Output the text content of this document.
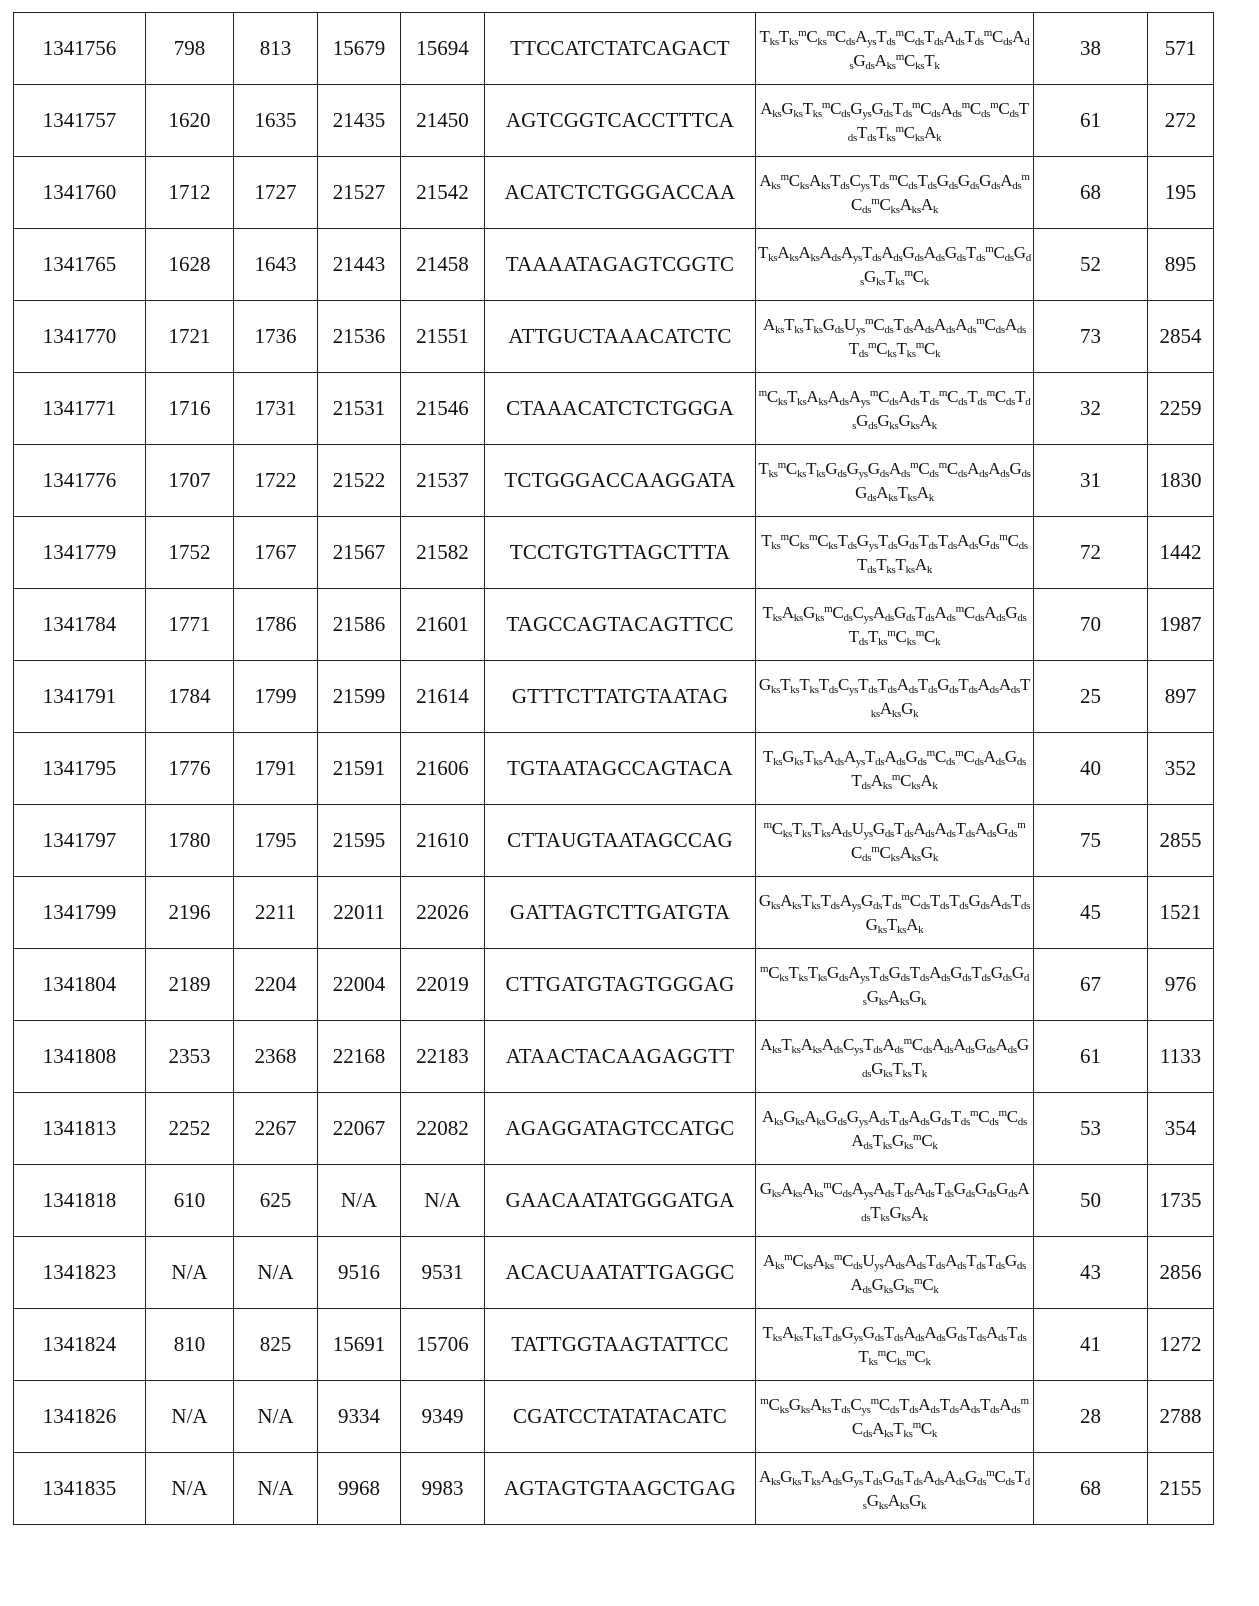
1341756	798	813	15679	15694	TTCCATCTATCAGACT	$T_{ks}T_{ks}^mC_{ks}^mC_{ds}A_{ys}T_{ds}^mC_{ds}T_{ds}A_{ds}T_{ds}^mC_{ds}A_{ds}G_{ds}A_{ks}^mC_{ks}T_k$	38	571
1341757	1620	1635	21435	21450	AGTCGGTCACCTTTCA	$A_{ks}G_{ks}T_{ks}^mC_{ds}G_{ys}G_{ds}T_{ds}^mC_{ds}A_{ds}^mC_{ds}^mC_{ds}T_{ds}T_{ds}T_{ks}^mC_{ks}A_k$	61	272
1341760	1712	1727	21527	21542	ACATCTCTGGGACCAA	$A_{ks}^mC_{ks}A_{ks}T_{ds}C_{ys}T_{ds}^mC_{ds}T_{ds}G_{ds}G_{ds}G_{ds}A_{ds}^mC_{ds}^mC_{ks}A_{ks}A_k$	68	195
1341765	1628	1643	21443	21458	TAAAATAGAGTCGGTC	$T_{ks}A_{ks}A_{ks}A_{ds}A_{ys}T_{ds}A_{ds}G_{ds}A_{ds}G_{ds}T_{ds}^mC_{ds}G_{ds}G_{ks}T_{ks}^mC_k$	52	895
1341770	1721	1736	21536	21551	ATTGUCTAAACATCTC	$A_{ks}T_{ks}T_{ks}G_{ds}U_{ys}^mC_{ds}T_{ds}A_{ds}A_{ds}A_{ds}^mC_{ds}A_{ds}T_{ds}^mC_{ks}T_{ks}^mC_k$	73	2854
1341771	1716	1731	21531	21546	CTAAACATCTCTGGGA	$^mC_{ks}T_{ks}A_{ks}A_{ds}A_{ys}^mC_{ds}A_{ds}T_{ds}^mC_{ds}T_{ds}^mC_{ds}T_{ds}G_{ds}G_{ks}G_{ks}A_k$	32	2259
1341776	1707	1722	21522	21537	TCTGGGACCAAGGATA	$T_{ks}^mC_{ks}T_{ks}G_{ds}G_{ys}G_{ds}A_{ds}^mC_{ds}^mC_{ds}A_{ds}A_{ds}G_{ds}G_{ds}A_{ks}T_{ks}A_k$	31	1830
1341779	1752	1767	21567	21582	TCCTGTGTTAGCTTTA	$T_{ks}^mC_{ks}^mC_{ks}T_{ds}G_{ys}T_{ds}G_{ds}T_{ds}T_{ds}A_{ds}G_{ds}^mC_{ds}T_{ds}T_{ks}T_{ks}A_k$	72	1442
1341784	1771	1786	21586	21601	TAGCCAGTACAGTTCC	$T_{ks}A_{ks}G_{ks}^mC_{ds}C_{ys}A_{ds}G_{ds}T_{ds}A_{ds}^mC_{ds}A_{ds}G_{ds}T_{ds}T_{ks}^mC_{ks}^mC_k$	70	1987
1341791	1784	1799	21599	21614	GTTTCTTATGTAATAG	$G_{ks}T_{ks}T_{ks}T_{ds}C_{ys}T_{ds}T_{ds}A_{ds}T_{ds}G_{ds}T_{ds}A_{ds}A_{ds}T_{ks}A_{ks}G_k$	25	897
1341795	1776	1791	21591	21606	TGTAATAGCCAGTACA	$T_{ks}G_{ks}T_{ks}A_{ds}A_{ys}T_{ds}A_{ds}G_{ds}^mC_{ds}^mC_{ds}A_{ds}G_{ds}T_{ds}A_{ks}^mC_{ks}A_k$	40	352
1341797	1780	1795	21595	21610	CTTAUGTAATAGCCAG	$^mC_{ks}T_{ks}T_{ks}A_{ds}U_{ys}G_{ds}T_{ds}A_{ds}A_{ds}T_{ds}A_{ds}G_{ds}^mC_{ds}^mC_{ks}A_{ks}G_k$	75	2855
1341799	2196	2211	22011	22026	GATTAGTCTTGATGTA	$G_{ks}A_{ks}T_{ks}T_{ds}A_{ys}G_{ds}T_{ds}^mC_{ds}T_{ds}T_{ds}G_{ds}A_{ds}T_{ds}G_{ks}T_{ks}A_k$	45	1521
1341804	2189	2204	22004	22019	CTTGATGTAGTGGGAG	$^mC_{ks}T_{ks}T_{ks}G_{ds}A_{ys}T_{ds}G_{ds}T_{ds}A_{ds}G_{ds}T_{ds}G_{ds}G_{ds}G_{ks}A_{ks}G_k$	67	976
1341808	2353	2368	22168	22183	ATAACTACAAGAGGTT	$A_{ks}T_{ks}A_{ks}A_{ds}C_{ys}T_{ds}A_{ds}^mC_{ds}A_{ds}A_{ds}G_{ds}A_{ds}G_{ds}G_{ks}T_{ks}T_k$	61	1133
1341813	2252	2267	22067	22082	AGAGGATAGTCCATGC	$A_{ks}G_{ks}A_{ks}G_{ds}G_{ys}A_{ds}T_{ds}A_{ds}G_{ds}T_{ds}^mC_{ds}^mC_{ds}A_{ds}T_{ks}G_{ks}^mC_k$	53	354
1341818	610	625	N/A	N/A	GAACAATATGGGATGA	$G_{ks}A_{ks}A_{ks}^mC_{ds}A_{ys}A_{ds}T_{ds}A_{ds}T_{ds}G_{ds}G_{ds}G_{ds}A_{ds}T_{ks}G_{ks}A_k$	50	1735
1341823	N/A	N/A	9516	9531	ACACUAATATTGAGGC	$A_{ks}^mC_{ks}A_{ks}^mC_{ds}U_{ys}A_{ds}A_{ds}T_{ds}A_{ds}T_{ds}T_{ds}G_{ds}A_{ds}G_{ks}G_{ks}^mC_k$	43	2856
1341824	810	825	15691	15706	TATTGGTAAGTATTCC	$T_{ks}A_{ks}T_{ks}T_{ds}G_{ys}G_{ds}T_{ds}A_{ds}A_{ds}G_{ds}T_{ds}A_{ds}T_{ds}T_{ks}^mC_{ks}^mC_k$	41	1272
1341826	N/A	N/A	9334	9349	CGATCCTATATACATC	$^mC_{ks}G_{ks}A_{ks}T_{ds}C_{ys}^mC_{ds}T_{ds}A_{ds}T_{ds}A_{ds}T_{ds}A_{ds}^mC_{ds}A_{ks}T_{ks}^mC_k$	28	2788
1341835	N/A	N/A	9968	9983	AGTAGTGTAAGCTGAG	$A_{ks}G_{ks}T_{ks}A_{ds}G_{ys}T_{ds}G_{ds}T_{ds}A_{ds}A_{ds}G_{ds}^mC_{ds}T_{ds}G_{ks}A_{ks}G_k$	68	2155
